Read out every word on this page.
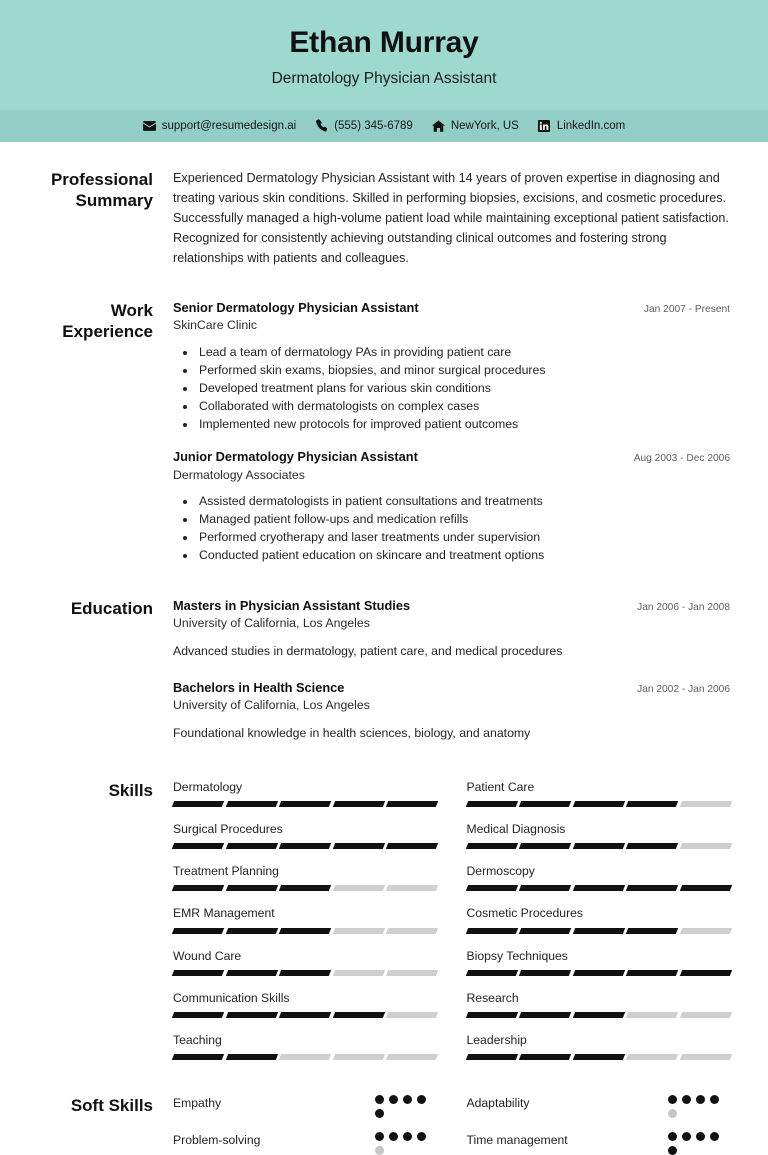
Ethan Murray
Dermatology Physician Assistant
support@resumedesign.ai	(555) 345-6789	NewYork, US	LinkedIn.com
Professional Summary

Experienced Dermatology Physician Assistant with 14 years of proven expertise in diagnosing and treating various skin conditions. Skilled in performing biopsies, excisions, and cosmetic procedures. Successfully managed a high-volume patient load while maintaining exceptional patient satisfaction. Recognized for consistently achieving outstanding clinical outcomes and fostering strong relationships with patients and colleagues.

Work Experience
Senior Dermatology Physician Assistant	Jan 2007 - Present
SkinCare Clinic
• Lead a team of dermatology PAs in providing patient care
• Performed skin exams, biopsies, and minor surgical procedures
• Developed treatment plans for various skin conditions
• Collaborated with dermatologists on complex cases
• Implemented new protocols for improved patient outcomes
Junior Dermatology Physician Assistant	Aug 2003 - Dec 2006
Dermatology Associates
• Assisted dermatologists in patient consultations and treatments
• Managed patient follow-ups and medication refills
• Performed cryotherapy and laser treatments under supervision
• Conducted patient education on skincare and treatment options
Education	Masters in Physician Assistant Studies	Jan 2006 - Jan 2008
University of California, Los Angeles
Advanced studies in dermatology, patient care, and medical procedures
Bachelors in Health Science	Jan 2002 - Jan 2006
University of California, Los Angeles
Foundational knowledge in health sciences, biology, and anatomy
Skills	Dermatology	Patient Care
Surgical Procedures	Medical Diagnosis
Treatment Planning	Dermoscopy
EMR Management	Cosmetic Procedures
Wound Care	Biopsy Techniques
Communication Skills	Research
Teaching	Leadership
Soft Skills	Empathy	Adaptability
Problem-solving	Time management
